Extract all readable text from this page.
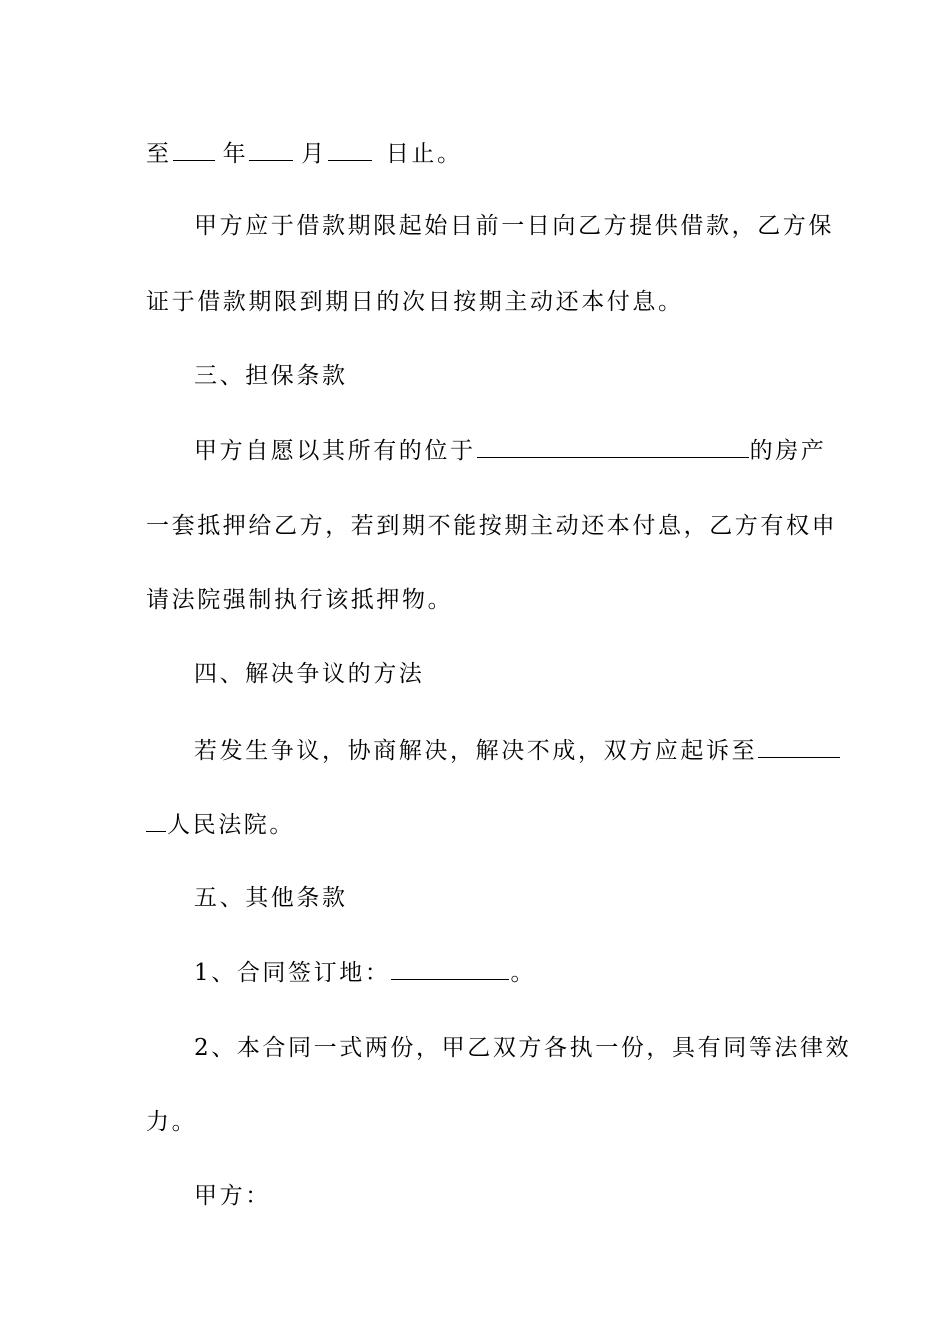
至 年 月	日止。
甲方应于借款期限起始日前一日向乙方提供借款，乙方保
证于借款期限到期日的次日按期主动还本付息。
三、担保条款
甲方自愿以其所有的位于	的房产
一套抵押给乙方，若到期不能按期主动还本付息，乙方有权申
请法院强制执行该抵押物。
四、解决争议的方法
若发生争议，协商解决，解决不成，双方应起诉至
人民法院。
五、其他条款
1、合同签订地：	。
2、本合同一式两份，甲乙双方各执一份，具有同等法律效
力。
甲方：
